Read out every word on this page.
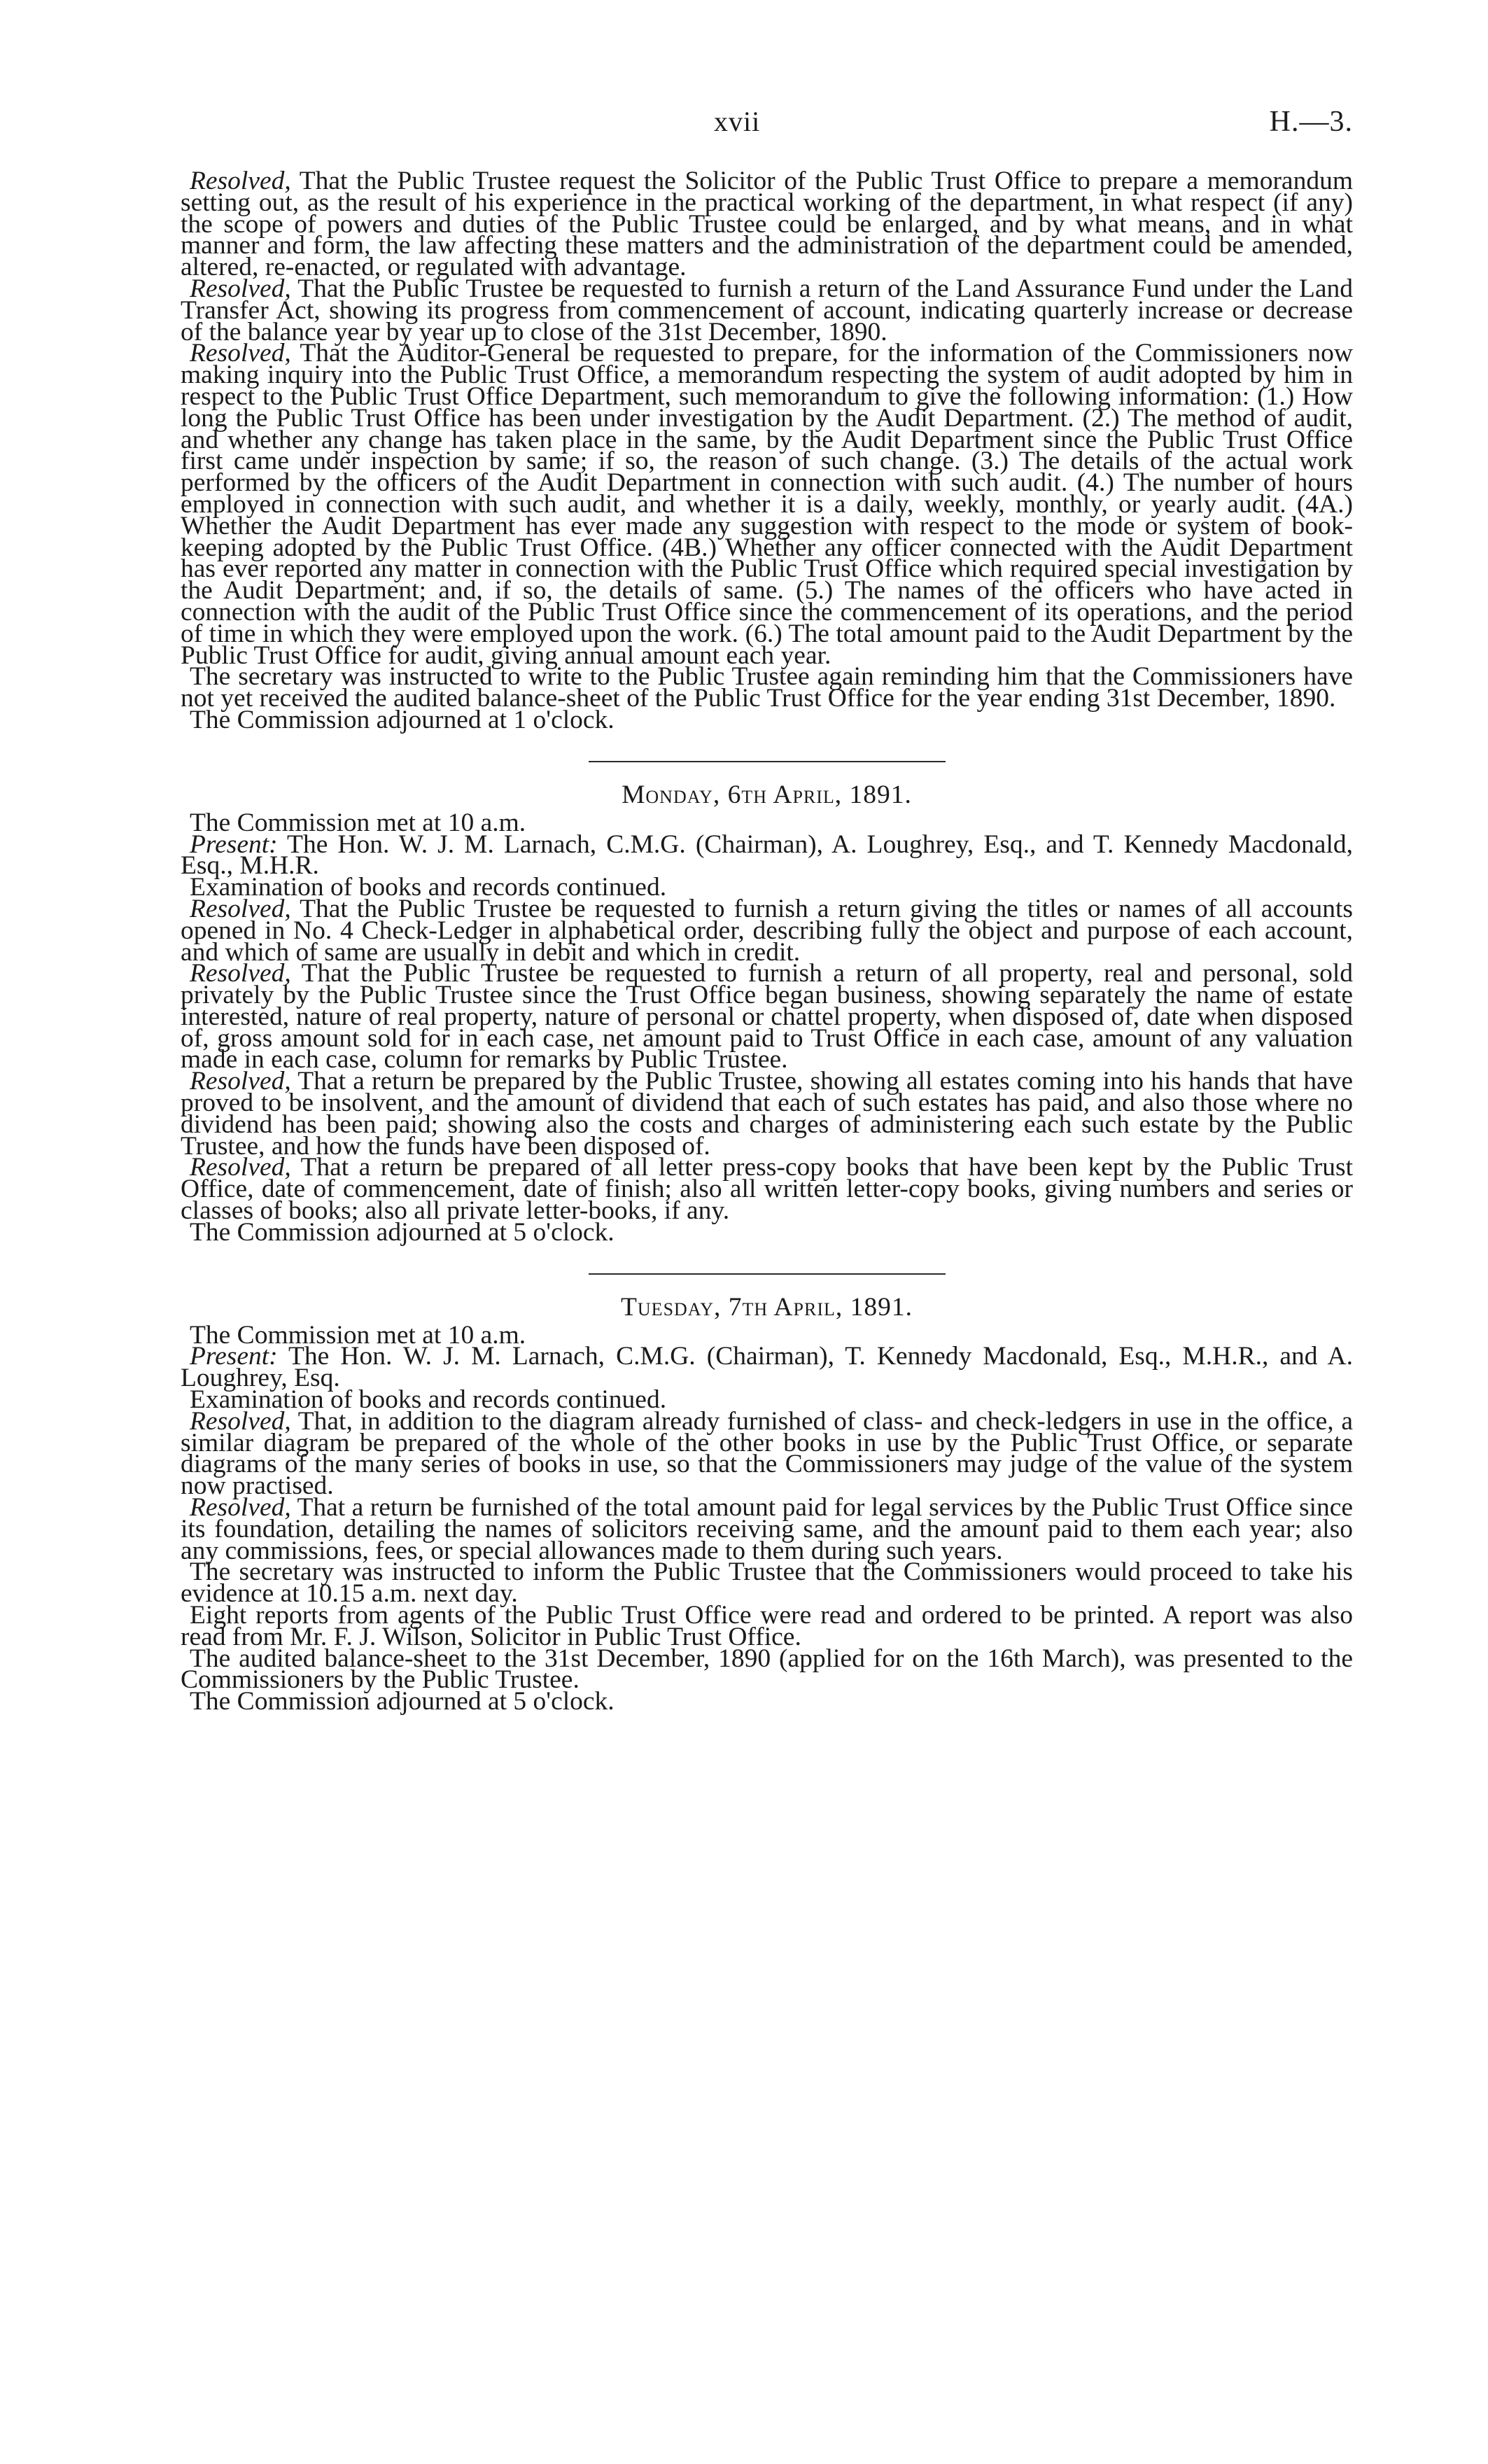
xvii	H.—3.

Resolved, That the Public Trustee request the Solicitor of the Public Trust Office to prepare a memorandum setting out, as the result of his experience in the practical working of the department, in what respect (if any) the scope of powers and duties of the Public Trustee could be enlarged, and by what means, and in what manner and form, the law affecting these matters and the administration of the department could be amended, altered, re-enacted, or regulated with advantage.

Resolved, That the Public Trustee be requested to furnish a return of the Land Assurance Fund under the Land Transfer Act, showing its progress from commencement of account, indicating quarterly increase or decrease of the balance year by year up to close of the 31st December, 1890.

Resolved, That the Auditor-General be requested to prepare, for the information of the Commissioners now making inquiry into the Public Trust Office, a memorandum respecting the system of audit adopted by him in respect to the Public Trust Office Department, such memorandum to give the following information: (1.) How long the Public Trust Office has been under investigation by the Audit Department. (2.) The method of audit, and whether any change has taken place in the same, by the Audit Department since the Public Trust Office first came under inspection by same; if so, the reason of such change. (3.) The details of the actual work performed by the officers of the Audit Department in connection with such audit. (4.) The number of hours employed in connection with such audit, and whether it is a daily, weekly, monthly, or yearly audit. (4A.) Whether the Audit Department has ever made any suggestion with respect to the mode or system of book-keeping adopted by the Public Trust Office. (4B.) Whether any officer connected with the Audit Department has ever reported any matter in connection with the Public Trust Office which required special investigation by the Audit Department; and, if so, the details of same. (5.) The names of the officers who have acted in connection with the audit of the Public Trust Office since the commencement of its operations, and the period of time in which they were employed upon the work. (6.) The total amount paid to the Audit Department by the Public Trust Office for audit, giving annual amount each year.

The secretary was instructed to write to the Public Trustee again reminding him that the Commissioners have not yet received the audited balance-sheet of the Public Trust Office for the year ending 31st December, 1890.

The Commission adjourned at 1 o'clock.

Monday, 6th April, 1891.

The Commission met at 10 a.m.

Present: The Hon. W. J. M. Larnach, C.M.G. (Chairman), A. Loughrey, Esq., and T. Kennedy Macdonald, Esq., M.H.R.

Examination of books and records continued.

Resolved, That the Public Trustee be requested to furnish a return giving the titles or names of all accounts opened in No. 4 Check-Ledger in alphabetical order, describing fully the object and purpose of each account, and which of same are usually in debit and which in credit.

Resolved, That the Public Trustee be requested to furnish a return of all property, real and personal, sold privately by the Public Trustee since the Trust Office began business, showing separately the name of estate interested, nature of real property, nature of personal or chattel property, when disposed of, date when disposed of, gross amount sold for in each case, net amount paid to Trust Office in each case, amount of any valuation made in each case, column for remarks by Public Trustee.

Resolved, That a return be prepared by the Public Trustee, showing all estates coming into his hands that have proved to be insolvent, and the amount of dividend that each of such estates has paid, and also those where no dividend has been paid; showing also the costs and charges of administering each such estate by the Public Trustee, and how the funds have been disposed of.

Resolved, That a return be prepared of all letter press-copy books that have been kept by the Public Trust Office, date of commencement, date of finish; also all written letter-copy books, giving numbers and series or classes of books; also all private letter-books, if any.

The Commission adjourned at 5 o'clock.

Tuesday, 7th April, 1891.

The Commission met at 10 a.m.

Present: The Hon. W. J. M. Larnach, C.M.G. (Chairman), T. Kennedy Macdonald, Esq., M.H.R., and A. Loughrey, Esq.

Examination of books and records continued.

Resolved, That, in addition to the diagram already furnished of class- and check-ledgers in use in the office, a similar diagram be prepared of the whole of the other books in use by the Public Trust Office, or separate diagrams of the many series of books in use, so that the Commissioners may judge of the value of the system now practised.

Resolved, That a return be furnished of the total amount paid for legal services by the Public Trust Office since its foundation, detailing the names of solicitors receiving same, and the amount paid to them each year; also any commissions, fees, or special allowances made to them during such years.

The secretary was instructed to inform the Public Trustee that the Commissioners would proceed to take his evidence at 10.15 a.m. next day.

Eight reports from agents of the Public Trust Office were read and ordered to be printed. A report was also read from Mr. F. J. Wilson, Solicitor in Public Trust Office.

The audited balance-sheet to the 31st December, 1890 (applied for on the 16th March), was presented to the Commissioners by the Public Trustee.

The Commission adjourned at 5 o'clock.
